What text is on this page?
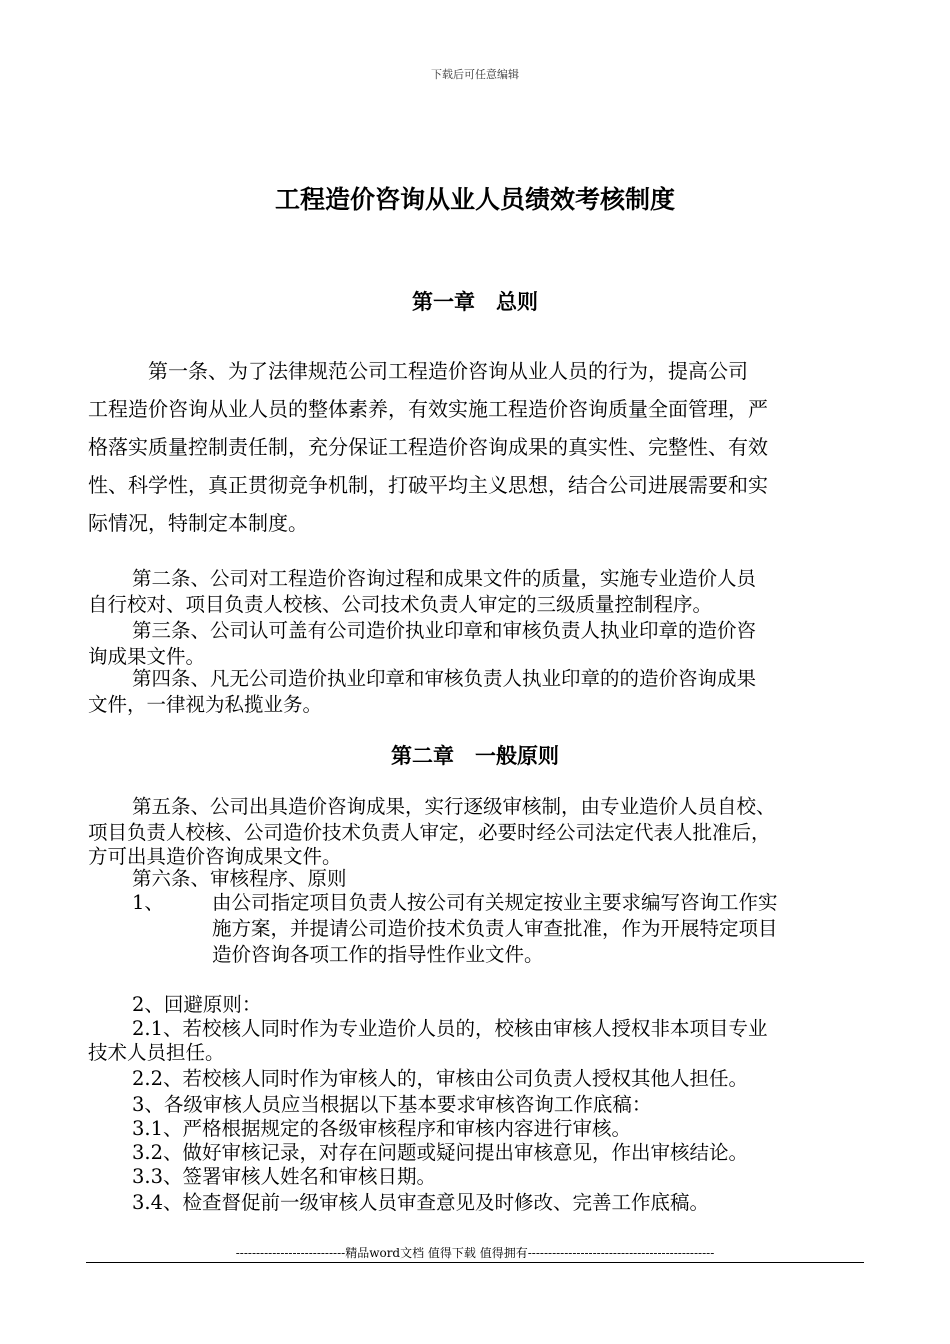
下载后可任意编辑
工程造价咨询从业人员绩效考核制度
第一章　总则
　　　第一条、为了法律规范公司工程造价咨询从业人员的行为，提高公司
工程造价咨询从业人员的整体素养，有效实施工程造价咨询质量全面管理，严
格落实质量控制责任制，充分保证工程造价咨询成果的真实性、完整性、有效
性、科学性，真正贯彻竞争机制，打破平均主义思想，结合公司进展需要和实
际情况，特制定本制度。
第二条、公司对工程造价咨询过程和成果文件的质量，实施专业造价人员
自行校对、项目负责人校核、公司技术负责人审定的三级质量控制程序。
第三条、公司认可盖有公司造价执业印章和审核负责人执业印章的造价咨
询成果文件。
第四条、凡无公司造价执业印章和审核负责人执业印章的的造价咨询成果
文件，一律视为私揽业务。
第二章　一般原则
第五条、公司出具造价咨询成果，实行逐级审核制，由专业造价人员自校、
项目负责人校核、公司造价技术负责人审定，必要时经公司法定代表人批准后，
方可出具造价咨询成果文件。
第六条、审核程序、原则
1、 由公司指定项目负责人按公司有关规定按业主要求编写咨询工作实
施方案，并提请公司造价技术负责人审查批准，作为开展特定项目
造价咨询各项工作的指导性作业文件。
2、回避原则：
2.1、若校核人同时作为专业造价人员的，校核由审核人授权非本项目专业
技术人员担任。
2.2、若校核人同时作为审核人的，审核由公司负责人授权其他人担任。
3、各级审核人员应当根据以下基本要求审核咨询工作底稿：
3.1、严格根据规定的各级审核程序和审核内容进行审核。
3.2、做好审核记录，对存在问题或疑问提出审核意见，作出审核结论。
3.3、签署审核人姓名和审核日期。
3.4、检查督促前一级审核人员审查意见及时修改、完善工作底稿。
---------------------------精品word文档 值得下载 值得拥有----------------------------------------------
